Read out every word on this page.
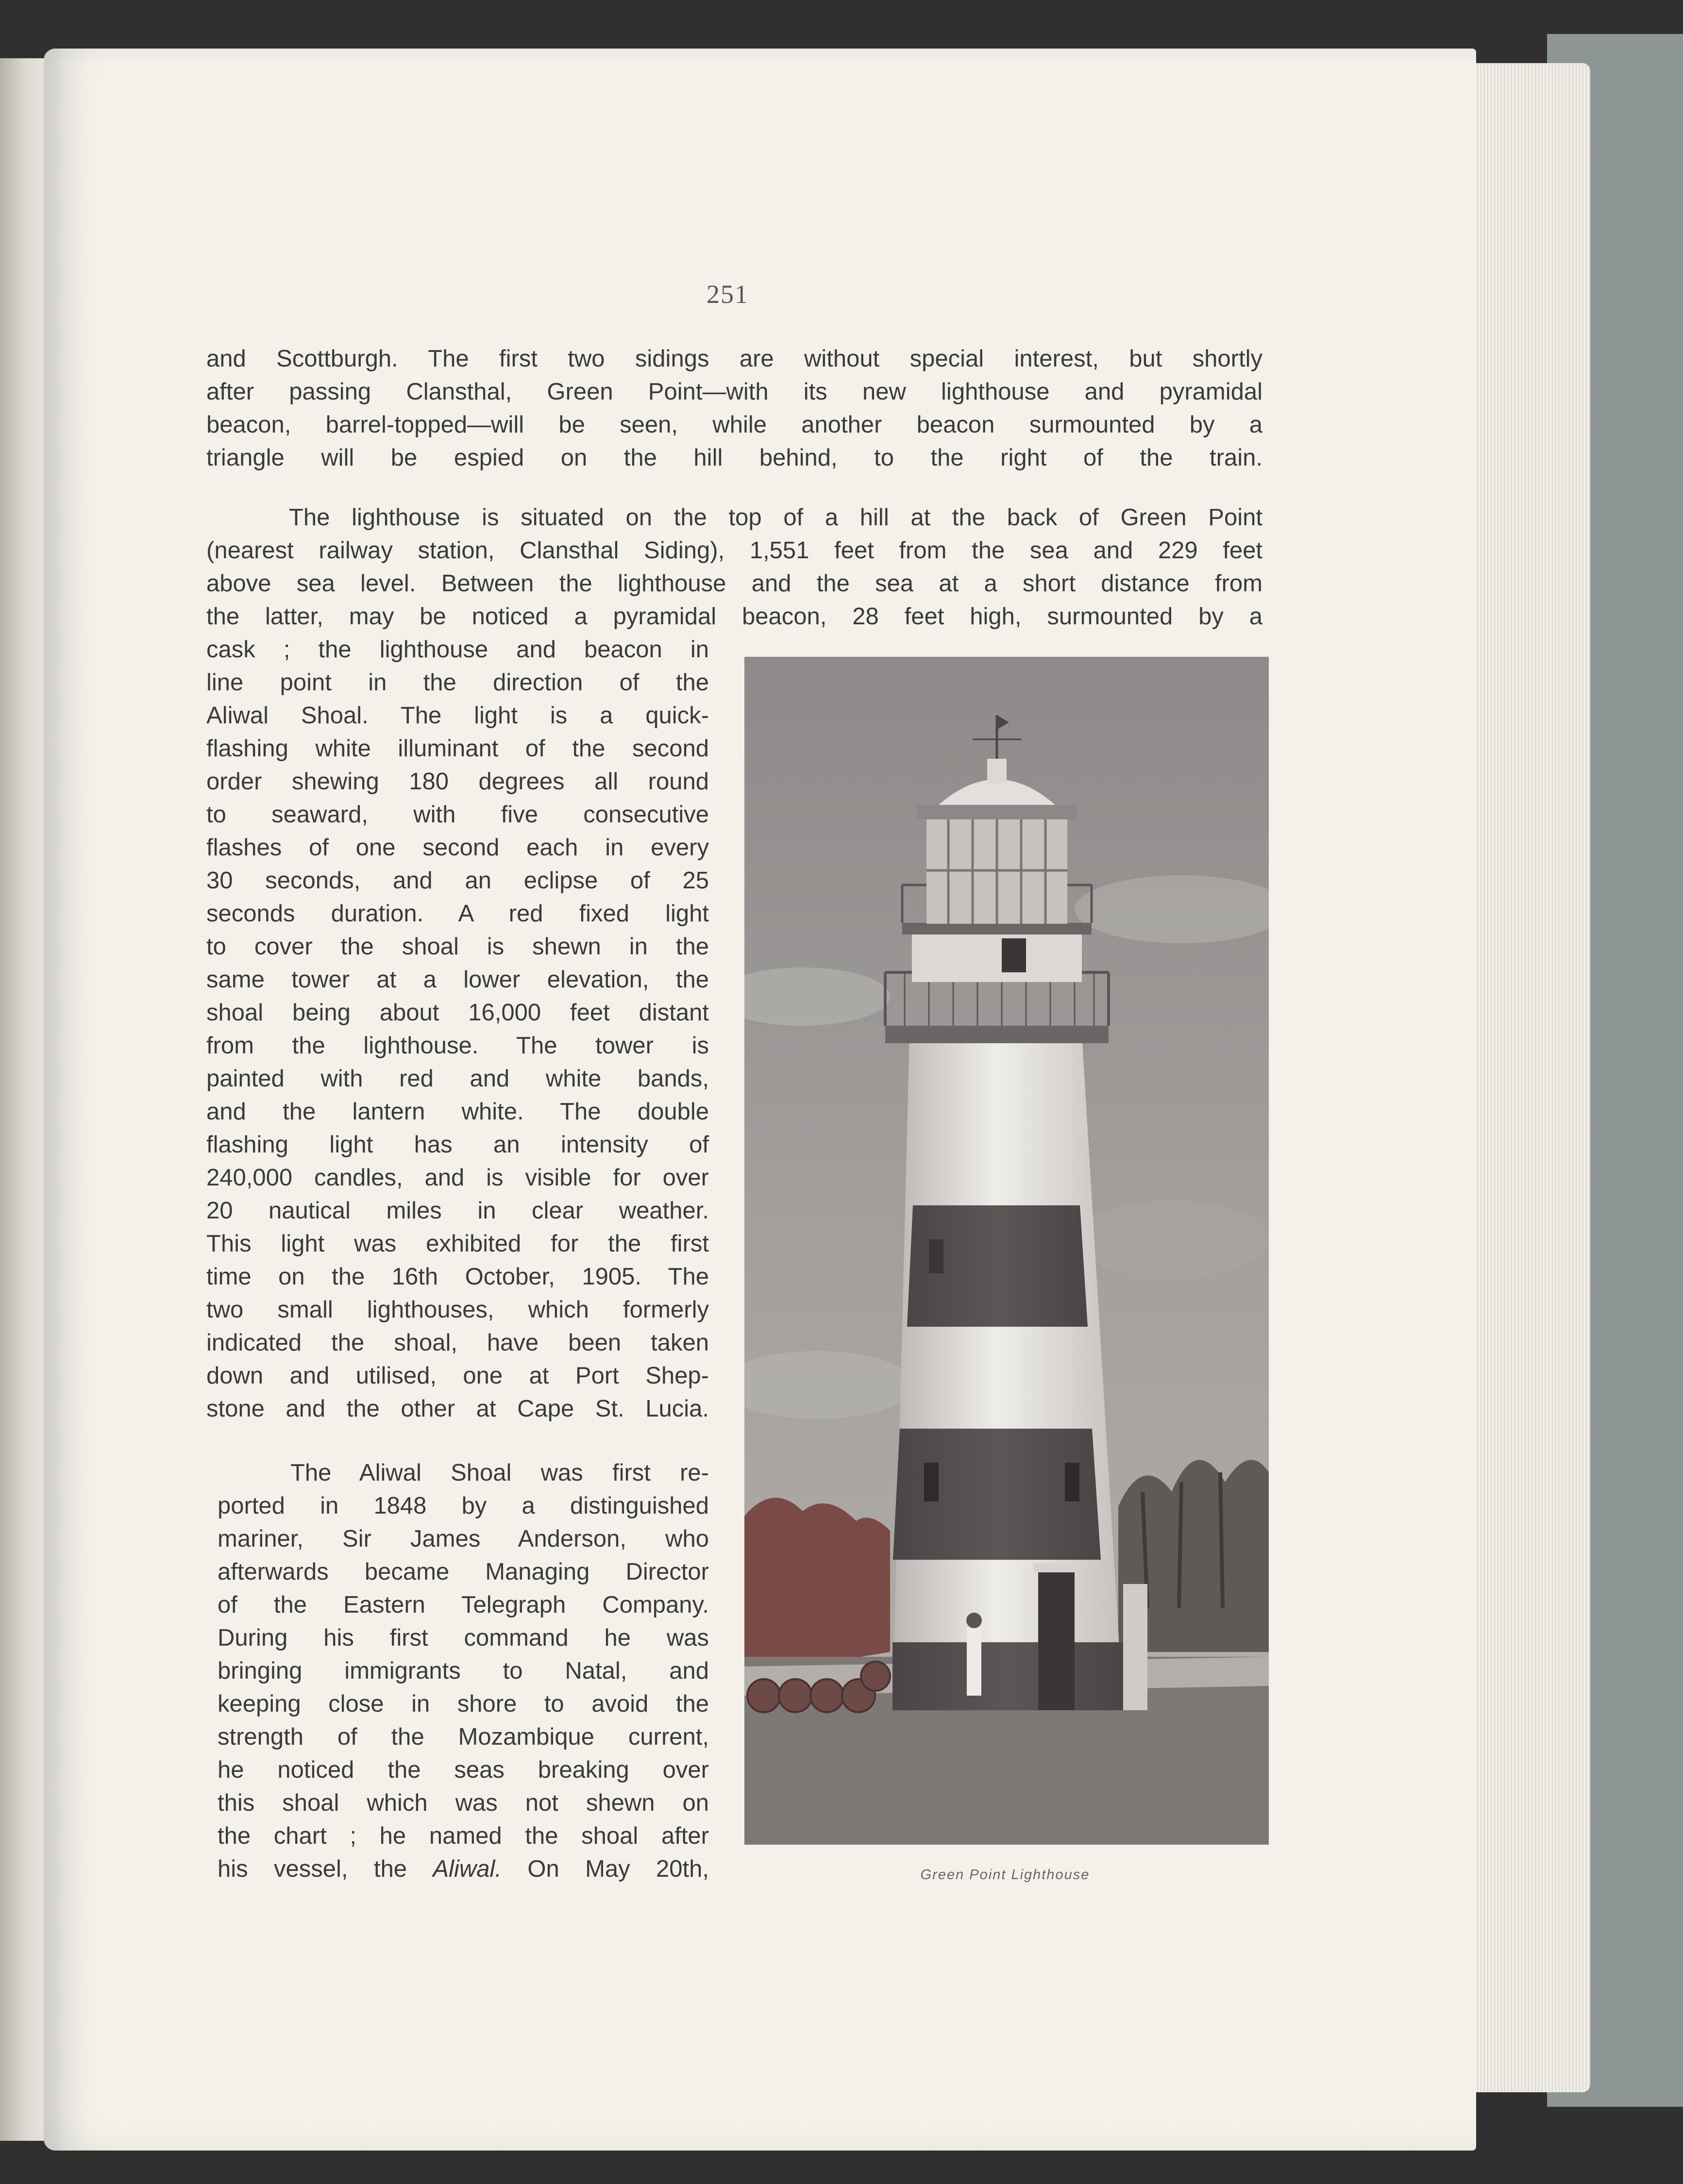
251
and Scottburgh. The first two sidings are without special interest, but shortly
after passing Clansthal, Green Point—with its new lighthouse and pyramidal
beacon, barrel-topped—will be seen, while another beacon surmounted by a
triangle will be espied on the hill behind, to the right of the train.
The lighthouse is situated on the top of a hill at the back of Green Point
(nearest railway station, Clansthal Siding), 1,551 feet from the sea and 229 feet
above sea level. Between the lighthouse and the sea at a short distance from
the latter, may be noticed a pyramidal beacon, 28 feet high, surmounted by a
cask ; the lighthouse and beacon in
line point in the direction of the
Aliwal Shoal. The light is a quick-
flashing white illuminant of the second
order shewing 180 degrees all round
to seaward, with five consecutive
flashes of one second each in every
30 seconds, and an eclipse of 25
seconds duration. A red fixed light
to cover the shoal is shewn in the
same tower at a lower elevation, the
shoal being about 16,000 feet distant
from the lighthouse. The tower is
painted with red and white bands,
and the lantern white. The double
flashing light has an intensity of
240,000 candles, and is visible for over
20 nautical miles in clear weather.
This light was exhibited for the first
time on the 16th October, 1905. The
two small lighthouses, which formerly
indicated the shoal, have been taken
down and utilised, one at Port Shep-
stone and the other at Cape St. Lucia.
The Aliwal Shoal was first re-
ported in 1848 by a distinguished
mariner, Sir James Anderson, who
afterwards became Managing Director
of the Eastern Telegraph Company.
During his first command he was
bringing immigrants to Natal, and
keeping close in shore to avoid the
strength of the Mozambique current,
he noticed the seas breaking over
this shoal which was not shewn on
the chart ; he named the shoal after
his vessel, the Aliwal. On May 20th,	Green Point Lighthouse
